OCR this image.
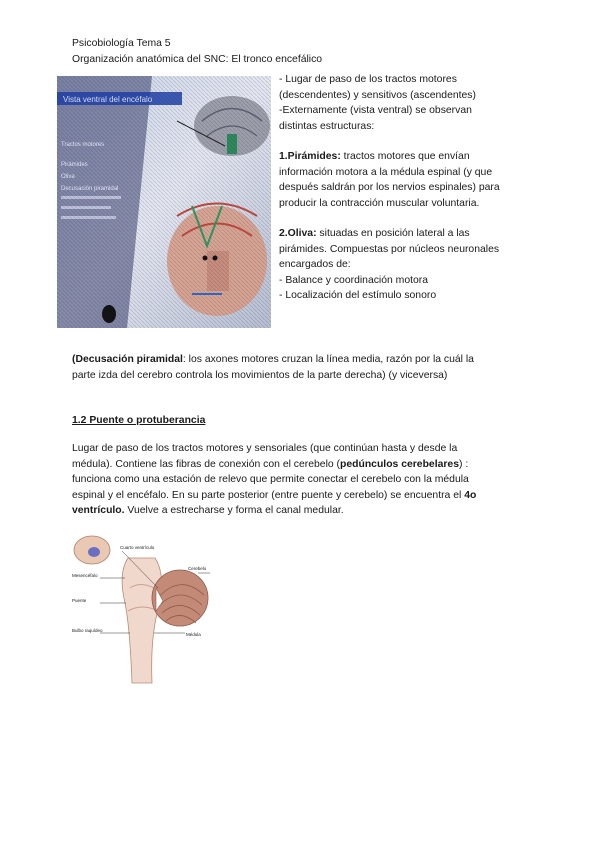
Psicobiología Tema 5
Organización anatómica del SNC: El tronco encefálico

- Lugar de paso de los tractos motores

(descendentes) y sensitivos (ascendentes)

-Externamente (vista ventral) se observan

distintas estructuras:

1.Pirámides: tractos motores que envían

información motora a la médula espinal (y que

después saldrán por los nervios espinales) para

producir la contracción muscular voluntaria.

2.Oliva: situadas en posición lateral a las

pirámides. Compuestas por núcleos neuronales

encargados de:

- Balance y coordinación motora

- Localización del estímulo sonoro

(Decusación piramidal: los axones motores cruzan la línea media, razón por la cuál la

parte izda del cerebro controla los movimientos de la parte derecha) (y viceversa)

1.2 Puente o protuberancia

Lugar de paso de los tractos motores y sensoriales (que continúan hasta y desde la

médula). Contiene las fibras de conexión con el cerebelo (pedúnculos cerebelares) :

funciona como una estación de relevo que permite conectar el cerebelo con la médula

espinal y el encéfalo. En su parte posterior (entre puente y cerebelo) se encuentra el 4o

ventrículo. Vuelve a estrecharse y forma el canal medular.

Mesencéfalo
Puente
Bulbo raquídeo
Cuarto ventrículo
Cerebelo
Médula
